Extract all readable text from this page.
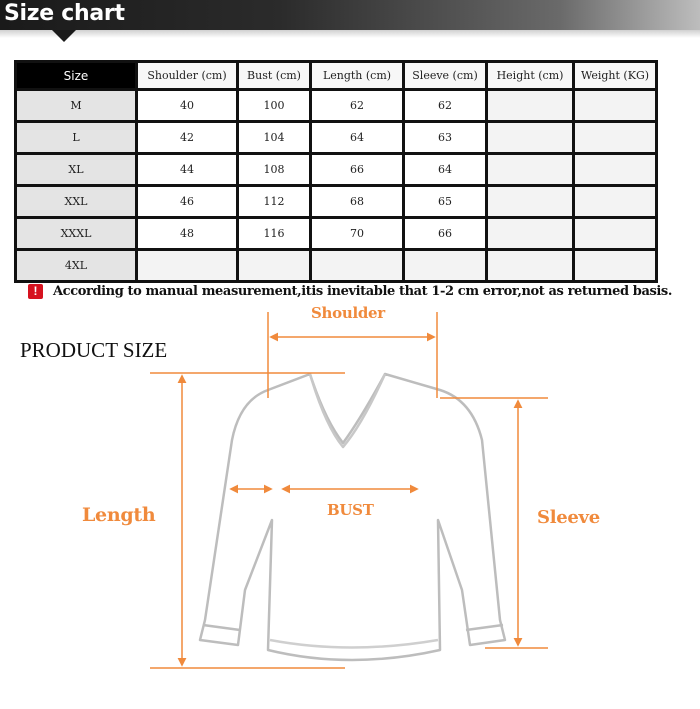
Size chart
Size	Shoulder (cm)	Bust (cm)	Length (cm)	Sleeve (cm)	Height (cm)	Weight (KG)
M	40	100	62	62		
L	42	104	64	63		
XL	44	108	66	64		
XXL	46	112	68	65		
XXXL	48	116	70	66		
4XL						
!	According to manual measurement,itis inevitable that 1-2 cm error,not as returned basis.
PRODUCT SIZE
Shoulder
Length	BUST	Sleeve
